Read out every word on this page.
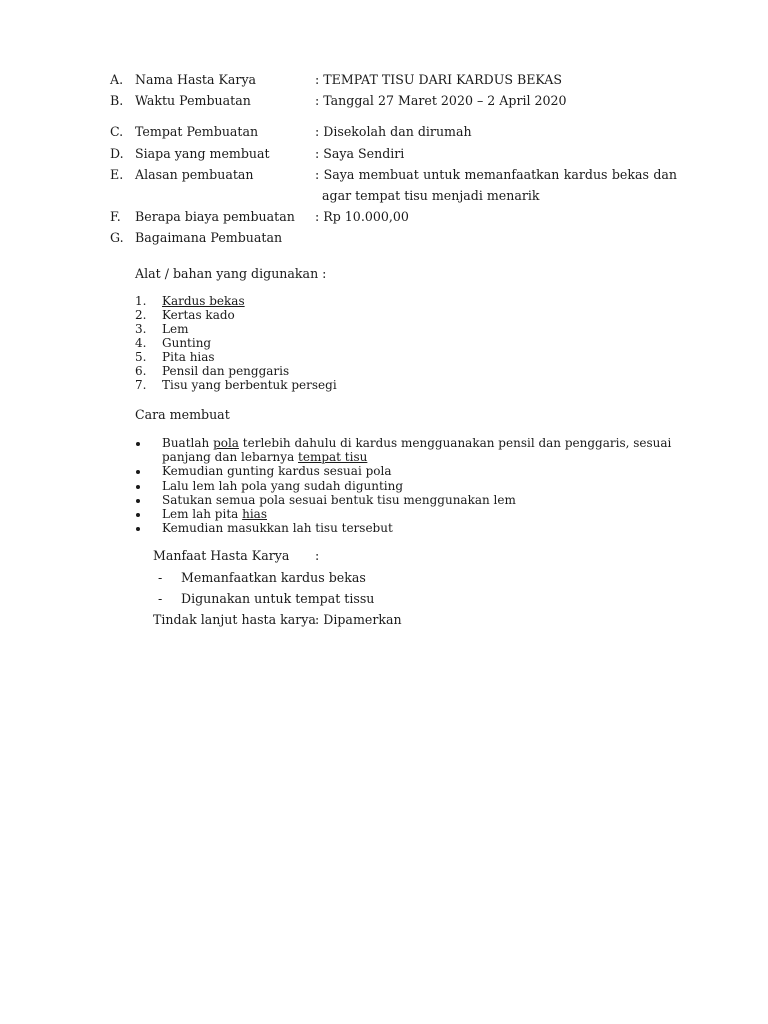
A. Nama Hasta Karya	: TEMPAT TISU DARI KARDUS BEKAS
B. Waktu Pembuatan	: Tanggal 27 Maret 2020 – 2 April 2020
C. Tempat Pembuatan	: Disekolah dan dirumah
D. Siapa yang membuat	: Saya Sendiri
E. Alasan pembuatan	: Saya membuat untuk memanfaatkan kardus bekas dan
agar tempat tisu menjadi menarik
F. Berapa biaya pembuatan : Rp 10.000,00
G. Bagaimana Pembuatan
Alat / bahan yang digunakan :
1. Kardus bekas
2. Kertas kado
3. Lem
4. Gunting
5. Pita hias
6. Pensil dan penggaris
7. Tisu yang berbentuk persegi
Cara membuat
Buatlah pola terlebih dahulu di kardus mengguanakan pensil dan penggaris, sesuai
panjang dan lebarnya tempat tisu
Kemudian gunting kardus sesuai pola
Lalu lem lah pola yang sudah digunting
Satukan semua pola sesuai bentuk tisu menggunakan lem
Lem lah pita hias
Kemudian masukkan lah tisu tersebut
Manfaat Hasta Karya :
- Memanfaatkan kardus bekas
- Digunakan untuk tempat tissu
Tindak lanjut hasta karya : Dipamerkan
